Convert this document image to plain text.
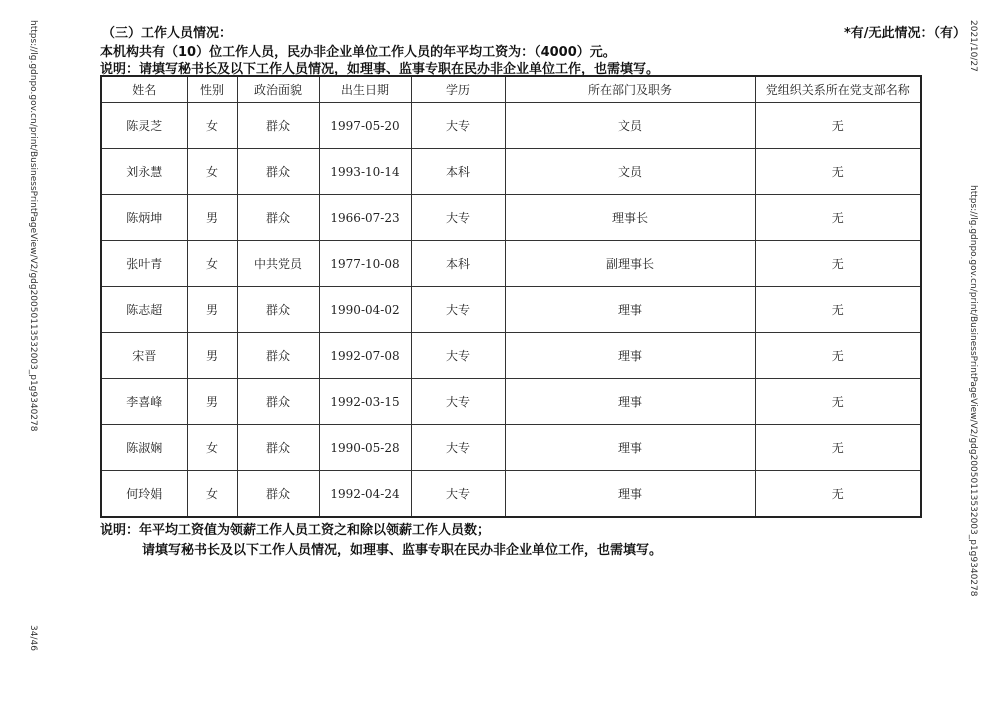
（三）工作人员情况：	*有/无此情况：（有）
本机构共有（10）位工作人员，民办非企业单位工作人员的年平均工资为：（4000）元。
说明：请填写秘书长及以下工作人员情况，如理事、监事专职在民办非企业单位工作，也需填写。
姓名	性别	政治面貌	出生日期	学历	所在部门及职务	党组织关系所在党支部名称
陈灵芝	女	群众	1997-05-20	大专	文员	无
刘永慧	女	群众	1993-10-14	本科	文员	无
陈炳坤	男	群众	1966-07-23	大专	理事长	无
张叶青	女	中共党员	1977-10-08	本科	副理事长	无
陈志超	男	群众	1990-04-02	大专	理事	无
宋晋	男	群众	1992-07-08	大专	理事	无
李喜峰	男	群众	1992-03-15	大专	理事	无
陈淑娴	女	群众	1990-05-28	大专	理事	无
何玲娟	女	群众	1992-04-24	大专	理事	无
说明：年平均工资值为领薪工作人员工资之和除以领薪工作人员数；
请填写秘书长及以下工作人员情况，如理事、监事专职在民办非企业单位工作，也需填写。
https://lg.gdnpo.gov.cn/print/BusinessPrintPageView/V2/gdg20050113532003_p1g9340278
34/46
2021/10/27
https://lg.gdnpo.gov.cn/print/BusinessPrintPageView/V2/gdg20050113532003_p1g9340278
